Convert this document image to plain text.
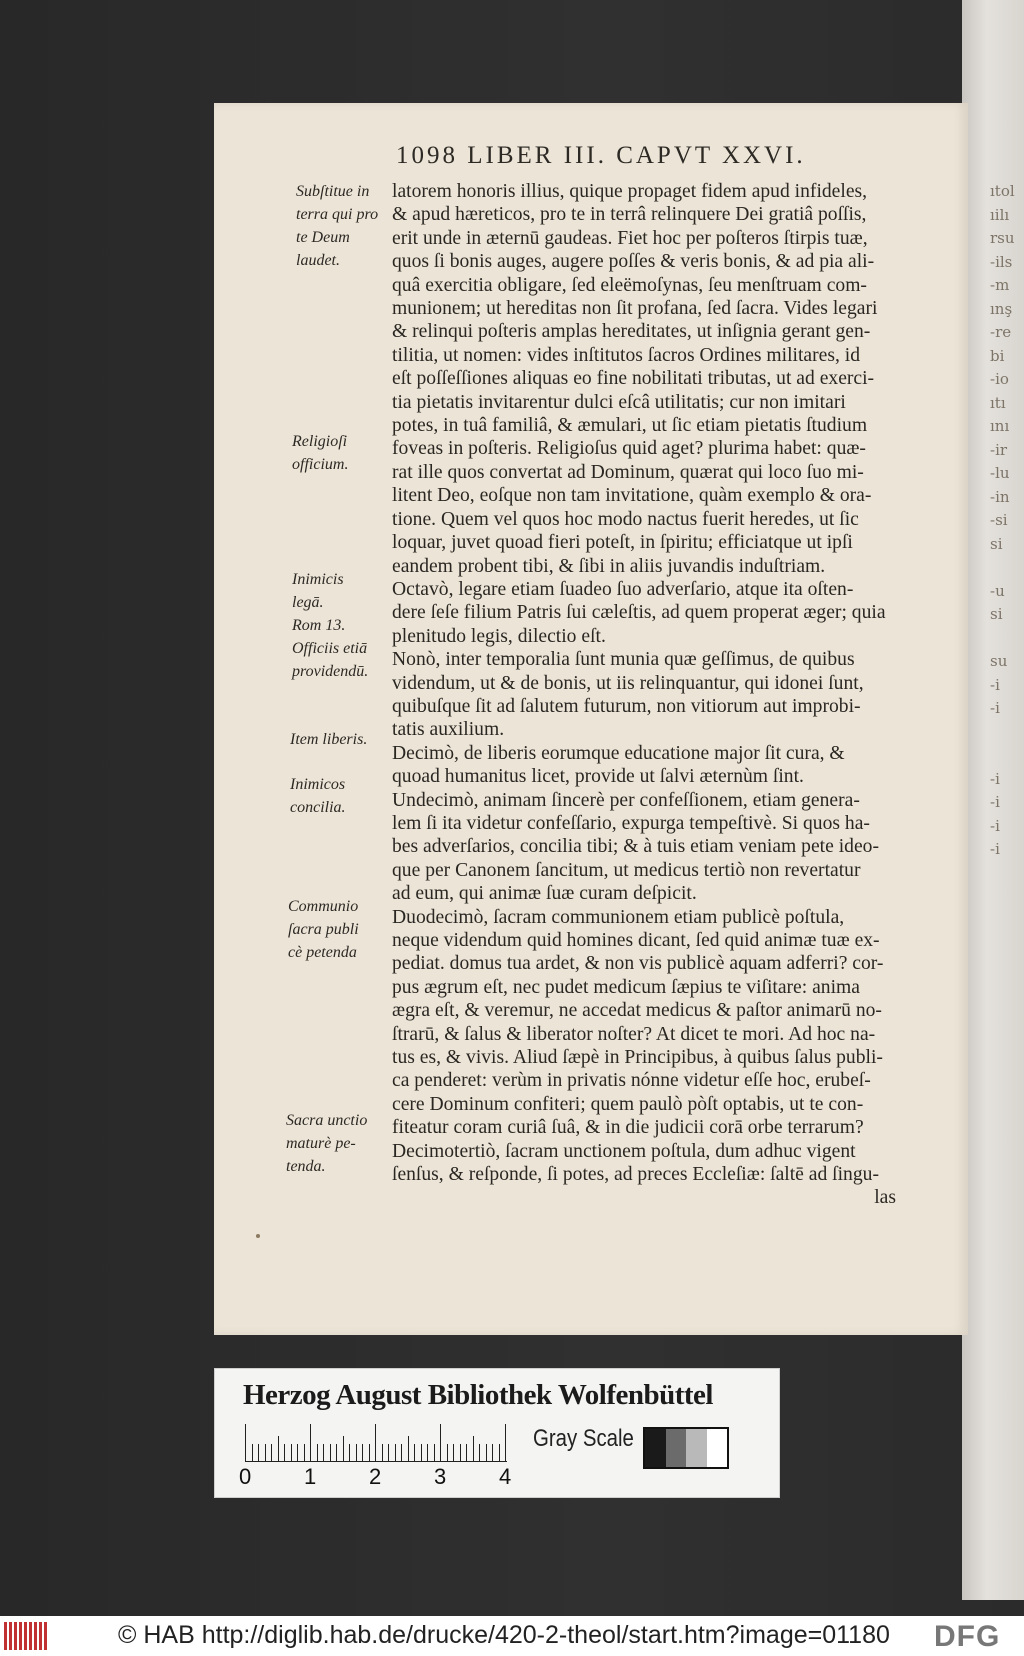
ıtol
ıilı
rsu
-ils
-m
ınş
-re
bi
-io
ıtı
ını
-ir
-lu
-in
-si
si

-u
si

su
-i
-i

-i
-i
-i
-i
1098 LIBER III. CAPVT XXVI.
Subſtitue in
terra qui pro
te Deum
laudet.
Religioſi
officium.
Inimicis
legā.
Rom 13.
Officiis etiā
providendū.
Item liberis.
Inimicos
concilia.
Communio
ſacra publi
cè petenda
Sacra unctio
maturè pe-
tenda.
latorem honoris illius, quique propaget fidem apud infideles,
& apud hæreticos, pro te in terrâ relinquere Dei gratiâ poſſis,
erit unde in æternū gaudeas. Fiet hoc per poſteros ſtirpis tuæ,
quos ſi bonis auges, augere poſſes & veris bonis, & ad pia ali-
quâ exercitia obligare, ſed eleëmoſynas, ſeu menſtruam com-
munionem; ut hereditas non ſit profana, ſed ſacra. Vides legari
& relinqui poſteris amplas hereditates, ut inſignia gerant gen-
tilitia, ut nomen: vides inſtitutos ſacros Ordines militares, id
eſt poſſeſſiones aliquas eo fine nobilitati tributas, ut ad exerci-
tia pietatis invitarentur dulci eſcâ utilitatis; cur non imitari
potes, in tuâ familiâ, & æmulari, ut ſic etiam pietatis ſtudium
foveas in poſteris. Religioſus quid aget? plurima habet: quæ-
rat ille quos convertat ad Dominum, quærat qui loco ſuo mi-
litent Deo, eoſque non tam invitatione, quàm exemplo & ora-
tione. Quem vel quos hoc modo nactus fuerit heredes, ut ſic
loquar, juvet quoad fieri poteſt, in ſpiritu; efficiatque ut ipſi
eandem probent tibi, & ſibi in aliis juvandis induſtriam.
Octavò, legare etiam ſuadeo ſuo adverſario, atque ita oſten-
dere ſeſe filium Patris ſui cæleſtis, ad quem properat æger; quia
plenitudo legis, dilectio eſt.
Nonò, inter temporalia ſunt munia quæ geſſimus, de quibus
videndum, ut & de bonis, ut iis relinquantur, qui idonei ſunt,
quibuſque ſit ad ſalutem futurum, non vitiorum aut improbi-
tatis auxilium.
Decimò, de liberis eorumque educatione major ſit cura, &
quoad humanitus licet, provide ut ſalvi æternùm ſint.
Undecimò, animam ſincerè per confeſſionem, etiam genera-
lem ſi ita videtur confeſſario, expurga tempeſtivè. Si quos ha-
bes adverſarios, concilia tibi; & à tuis etiam veniam pete ideo-
que per Canonem ſancitum, ut medicus tertiò non revertatur
ad eum, qui animæ ſuæ curam deſpicit.
Duodecimò, ſacram communionem etiam publicè poſtula,
neque videndum quid homines dicant, ſed quid animæ tuæ ex-
pediat. domus tua ardet, & non vis publicè aquam adferri? cor-
pus ægrum eſt, nec pudet medicum ſæpius te viſitare: anima
ægra eſt, & veremur, ne accedat medicus & paſtor animarū no-
ſtrarū, & ſalus & liberator noſter? At dicet te mori. Ad hoc na-
tus es, & vivis. Aliud ſæpè in Principibus, à quibus ſalus publi-
ca penderet: verùm in privatis nónne videtur eſſe hoc, erubeſ-
cere Dominum confiteri; quem paulò pòſt optabis, ut te con-
fiteatur coram curiâ ſuâ, & in die judicii corā orbe terrarum?
Decimotertiò, ſacram unctionem poſtula, dum adhuc vigent
ſenſus, & reſponde, ſi potes, ad preces Eccleſiæ: ſaltē ad ſingu-
las
Herzog August Bibliothek Wolfenbüttel
0 1 2 3 4
Gray Scale
© HAB http://diglib.hab.de/drucke/420-2-theol/start.htm?image=01180 DFG
